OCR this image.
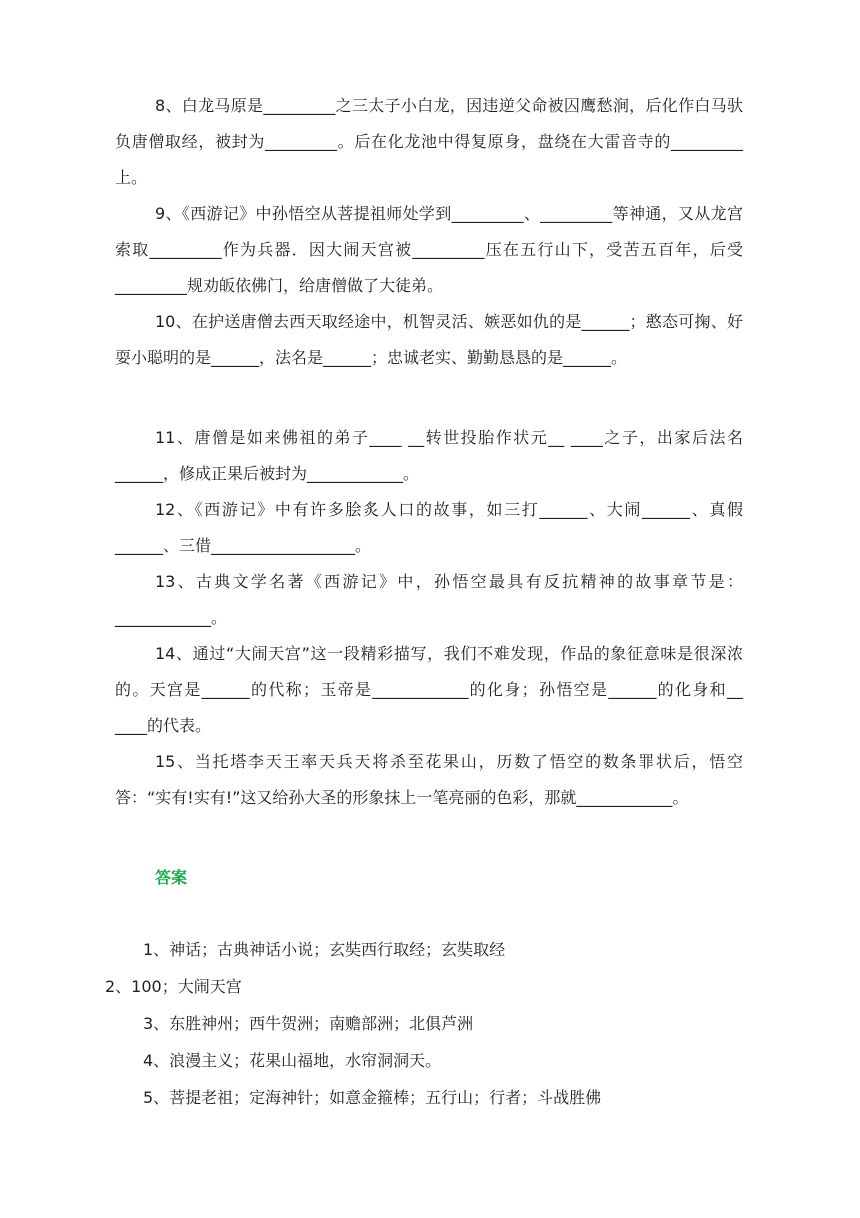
8、白龙马原是_________之三太子小白龙，因违逆父命被囚鹰愁涧，后化作白马驮负唐僧取经，被封为_________。后在化龙池中得复原身，盘绕在大雷音寺的_________上。

9、《西游记》中孙悟空从菩提祖师处学到_________、_________等神通，又从龙宫索取_________作为兵器．因大闹天宫被_________压在五行山下，受苦五百年，后受_________规劝皈依佛门，给唐僧做了大徒弟。

10、在护送唐僧去西天取经途中，机智灵活、嫉恶如仇的是______；憨态可掬、好耍小聪明的是______，法名是______；忠诚老实、勤勤恳恳的是______。

11、唐僧是如来佛祖的弟子____ __转世投胎作状元__ ____之子，出家后法名______，修成正果后被封为____________。

12、《西游记》中有许多脍炙人口的故事，如三打______、大闹______、真假______、三借__________________。

13、古典文学名著《西游记》中，孙悟空最具有反抗精神的故事章节是：____________。

14、通过“大闹天宫”这一段精彩描写，我们不难发现，作品的象征意味是很深浓的。天宫是______的代称；玉帝是____________的化身；孙悟空是______的化身和__ ____的代表。

15、当托塔李天王率天兵天将杀至花果山，历数了悟空的数条罪状后，悟空答：“实有!实有!”这又给孙大圣的形象抹上一笔亮丽的色彩，那就____________。

答案

1、神话；古典神话小说；玄奘西行取经；玄奘取经

2、100；大闹天宫

3、东胜神州；西牛贺洲；南赡部洲；北俱芦洲

4、浪漫主义；花果山福地，水帘洞洞天。

5、菩提老祖；定海神针；如意金箍棒；五行山；行者；斗战胜佛
